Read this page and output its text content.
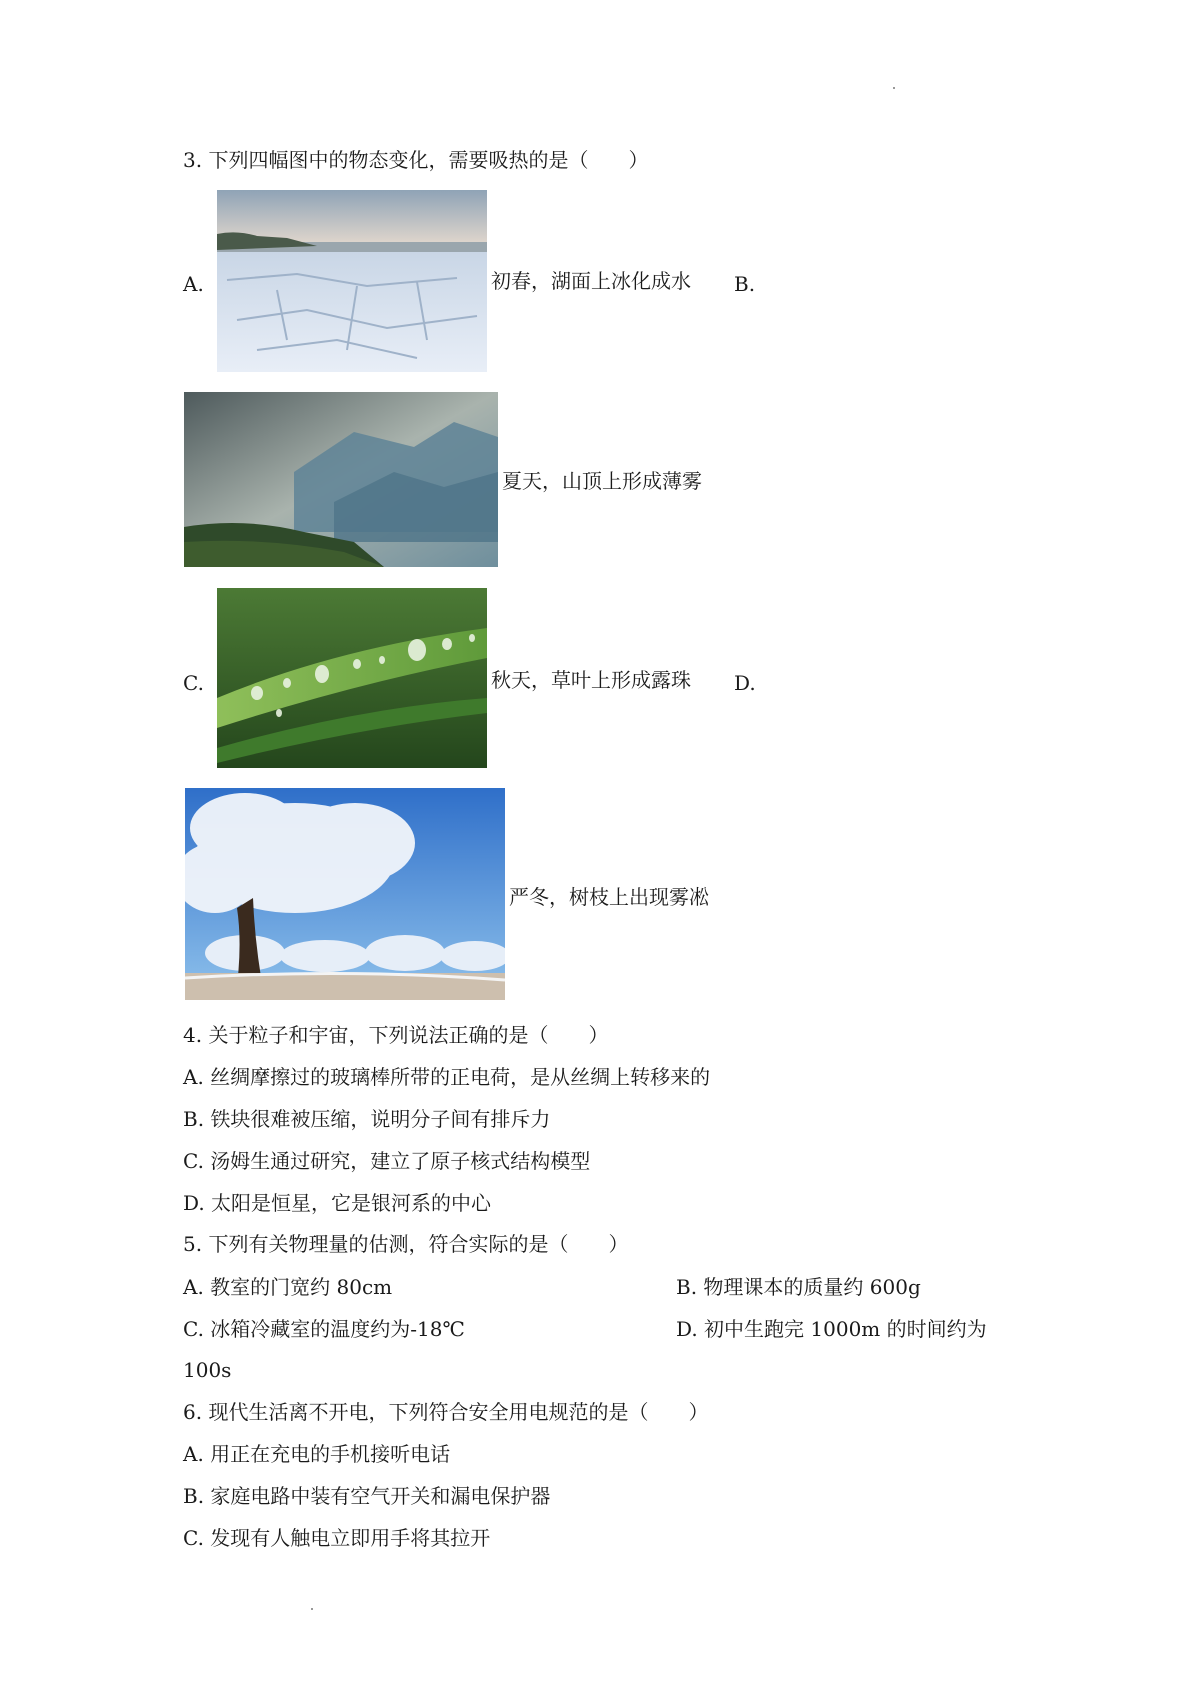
3. 下列四幅图中的物态变化，需要吸热的是（　　）
A.	初春，湖面上冰化成水 B.
夏天，山顶上形成薄雾
C.	秋天，草叶上形成露珠 D.
严冬，树枝上出现雾凇
4. 关于粒子和宇宙，下列说法正确的是（　　）
A. 丝绸摩擦过的玻璃棒所带的正电荷，是从丝绸上转移来的
B. 铁块很难被压缩，说明分子间有排斥力
C. 汤姆生通过研究，建立了原子核式结构模型
D. 太阳是恒星，它是银河系的中心
5. 下列有关物理量的估测，符合实际的是（　　）
A. 教室的门宽约 80cm	B. 物理课本的质量约 600g
C. 冰箱冷藏室的温度约为-18℃	D. 初中生跑完 1000m 的时间约为
100s
6. 现代生活离不开电，下列符合安全用电规范的是（　　）
A. 用正在充电的手机接听电话
B. 家庭电路中装有空气开关和漏电保护器
C. 发现有人触电立即用手将其拉开
